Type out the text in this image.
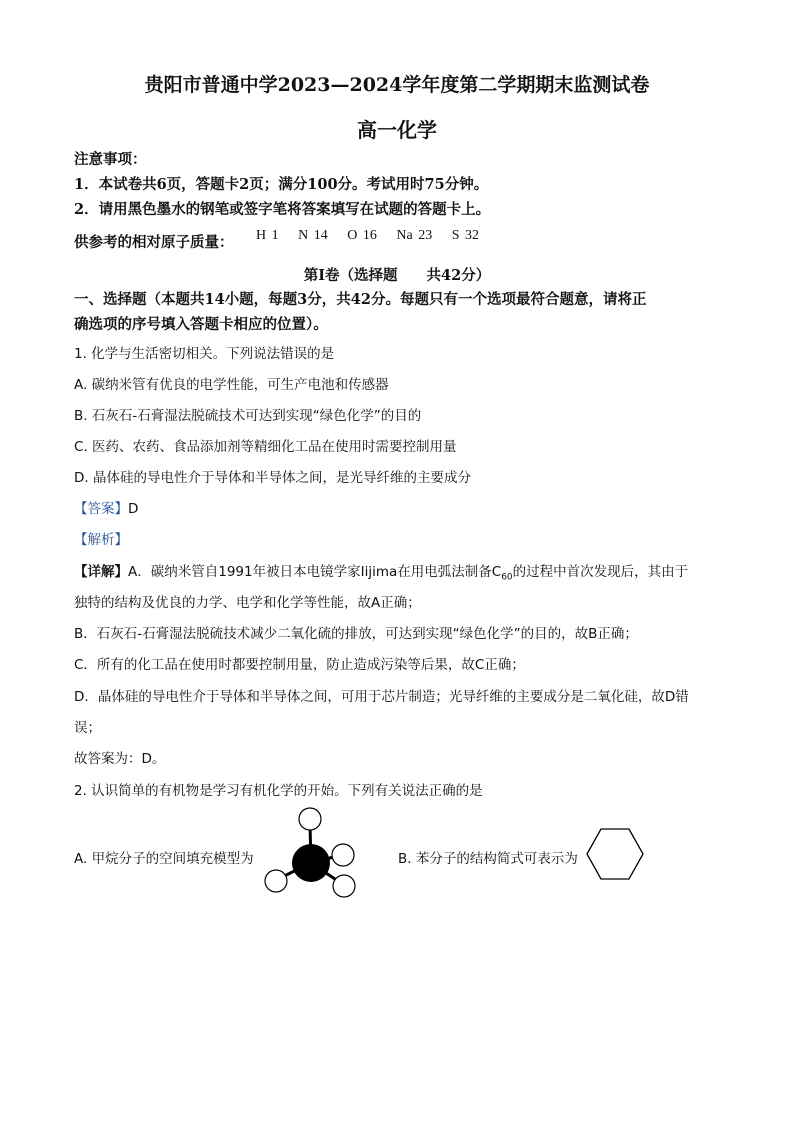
贵阳市普通中学2023—2024学年度第二学期期末监测试卷
高一化学
注意事项：
1．本试卷共6页，答题卡2页；满分100分。考试用时75分钟。
2．请用黑色墨水的钢笔或签字笔将答案填写在试题的答题卡上。
供参考的相对原子质量： H 1 N 14 O 16 Na 23 S 32
第Ⅰ卷（选择题　　共42分）
一、选择题（本题共14小题，每题3分，共42分。每题只有一个选项最符合题意，请将正
确选项的序号填入答题卡相应的位置）。
1. 化学与生活密切相关。下列说法错误的是
A. 碳纳米管有优良的电学性能，可生产电池和传感器
B. 石灰石-石膏湿法脱硫技术可达到实现“绿色化学”的目的
C. 医药、农药、食品添加剂等精细化工品在使用时需要控制用量
D. 晶体硅的导电性介于导体和半导体之间，是光导纤维的主要成分
【答案】D
【解析】
【详解】A．碳纳米管自1991年被日本电镜学家Iijima在用电弧法制备$C_{60}$的过程中首次发现后，其由于
独特的结构及优良的力学、电学和化学等性能，故A正确；
B．石灰石-石膏湿法脱硫技术减少二氧化硫的排放，可达到实现“绿色化学”的目的，故B正确；
C．所有的化工品在使用时都要控制用量，防止造成污染等后果，故C正确；
D．晶体硅的导电性介于导体和半导体之间，可用于芯片制造；光导纤维的主要成分是二氧化硅，故D错
误；
故答案为：D。
2. 认识简单的有机物是学习有机化学的开始。下列有关说法正确的是
A. 甲烷分子的空间填充模型为	B. 苯分子的结构简式可表示为
